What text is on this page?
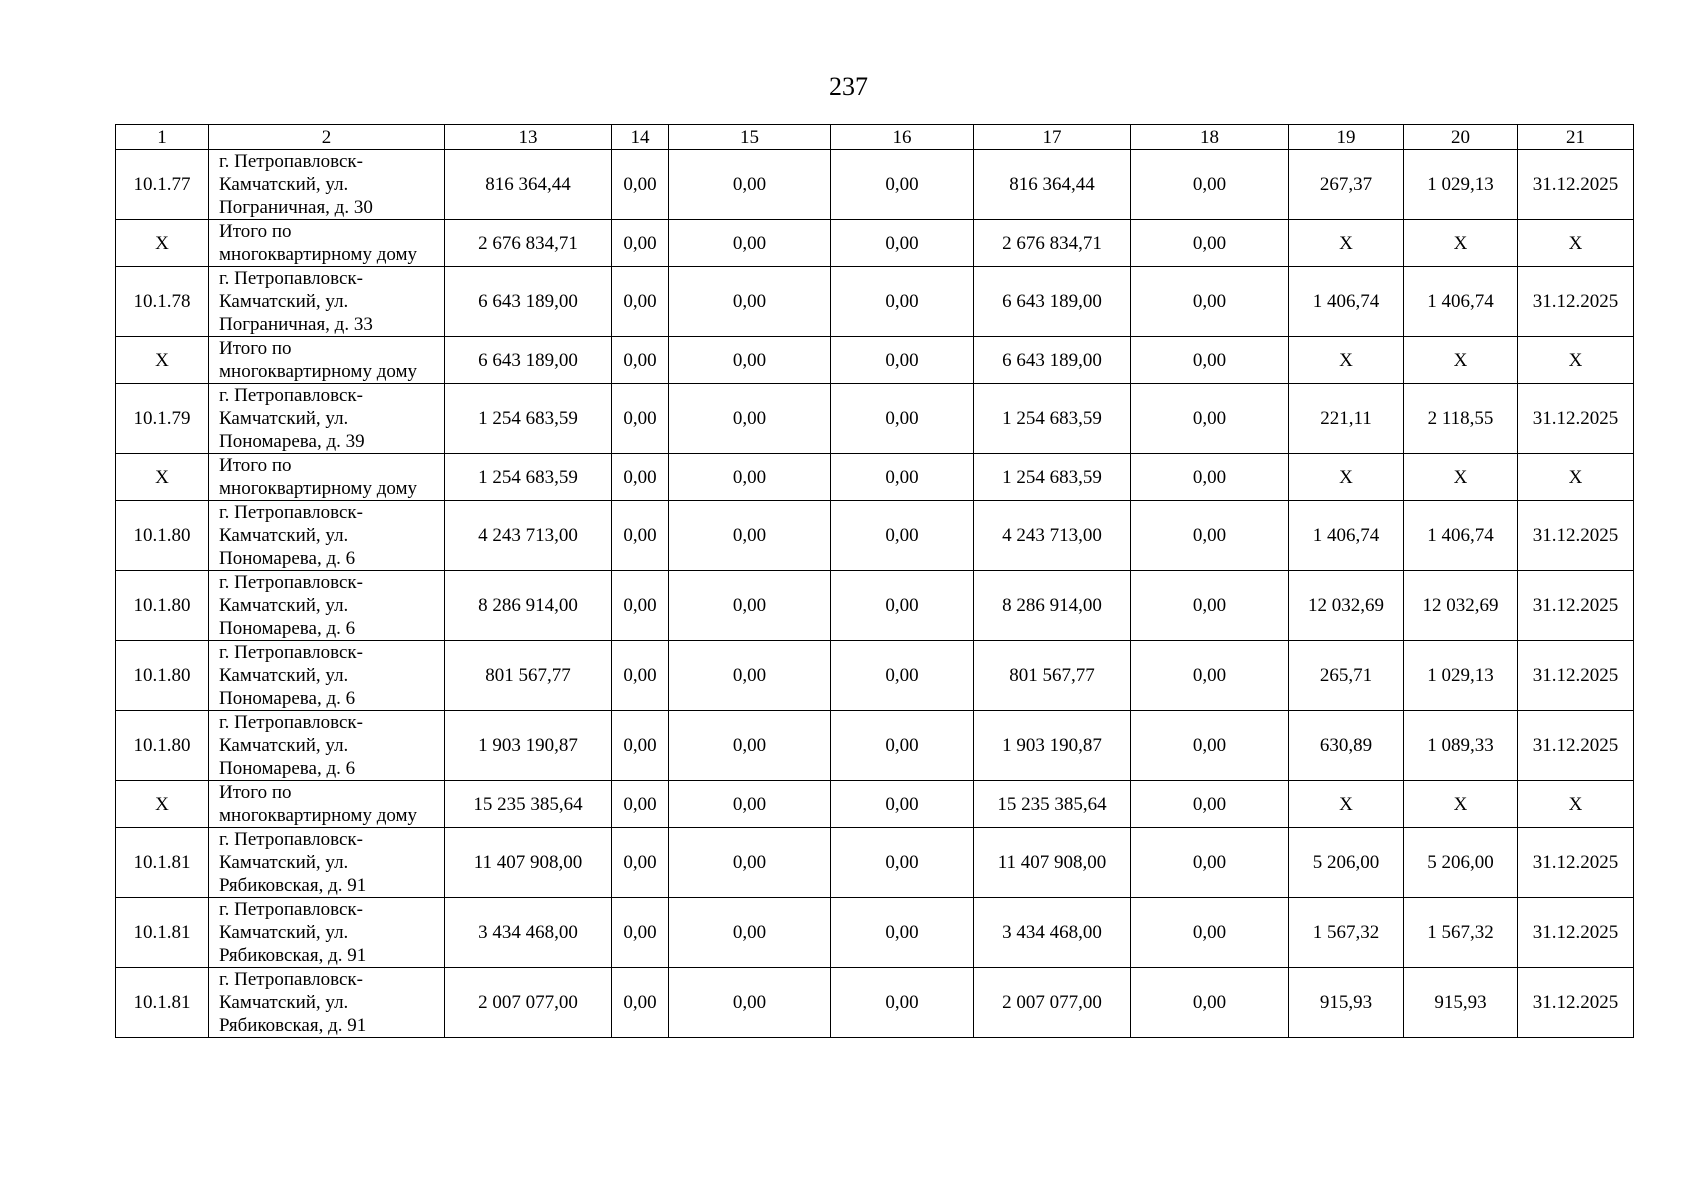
237
1	2	13	14	15	16	17	18	19	20	21
10.1.77	г. Петропавловск-
Камчатский, ул.
Пограничная, д. 30	816 364,44	0,00	0,00	0,00	816 364,44	0,00	267,37	1 029,13	31.12.2025
X	Итого по
многоквартирному дому	2 676 834,71	0,00	0,00	0,00	2 676 834,71	0,00	X	X	X
10.1.78	г. Петропавловск-
Камчатский, ул.
Пограничная, д. 33	6 643 189,00	0,00	0,00	0,00	6 643 189,00	0,00	1 406,74	1 406,74	31.12.2025
X	Итого по
многоквартирному дому	6 643 189,00	0,00	0,00	0,00	6 643 189,00	0,00	X	X	X
10.1.79	г. Петропавловск-
Камчатский, ул.
Пономарева, д. 39	1 254 683,59	0,00	0,00	0,00	1 254 683,59	0,00	221,11	2 118,55	31.12.2025
X	Итого по
многоквартирному дому	1 254 683,59	0,00	0,00	0,00	1 254 683,59	0,00	X	X	X
10.1.80	г. Петропавловск-
Камчатский, ул.
Пономарева, д. 6	4 243 713,00	0,00	0,00	0,00	4 243 713,00	0,00	1 406,74	1 406,74	31.12.2025
10.1.80	г. Петропавловск-
Камчатский, ул.
Пономарева, д. 6	8 286 914,00	0,00	0,00	0,00	8 286 914,00	0,00	12 032,69	12 032,69	31.12.2025
10.1.80	г. Петропавловск-
Камчатский, ул.
Пономарева, д. 6	801 567,77	0,00	0,00	0,00	801 567,77	0,00	265,71	1 029,13	31.12.2025
10.1.80	г. Петропавловск-
Камчатский, ул.
Пономарева, д. 6	1 903 190,87	0,00	0,00	0,00	1 903 190,87	0,00	630,89	1 089,33	31.12.2025
X	Итого по
многоквартирному дому	15 235 385,64	0,00	0,00	0,00	15 235 385,64	0,00	X	X	X
10.1.81	г. Петропавловск-
Камчатский, ул.
Рябиковская, д. 91	11 407 908,00	0,00	0,00	0,00	11 407 908,00	0,00	5 206,00	5 206,00	31.12.2025
10.1.81	г. Петропавловск-
Камчатский, ул.
Рябиковская, д. 91	3 434 468,00	0,00	0,00	0,00	3 434 468,00	0,00	1 567,32	1 567,32	31.12.2025
10.1.81	г. Петропавловск-
Камчатский, ул.
Рябиковская, д. 91	2 007 077,00	0,00	0,00	0,00	2 007 077,00	0,00	915,93	915,93	31.12.2025
